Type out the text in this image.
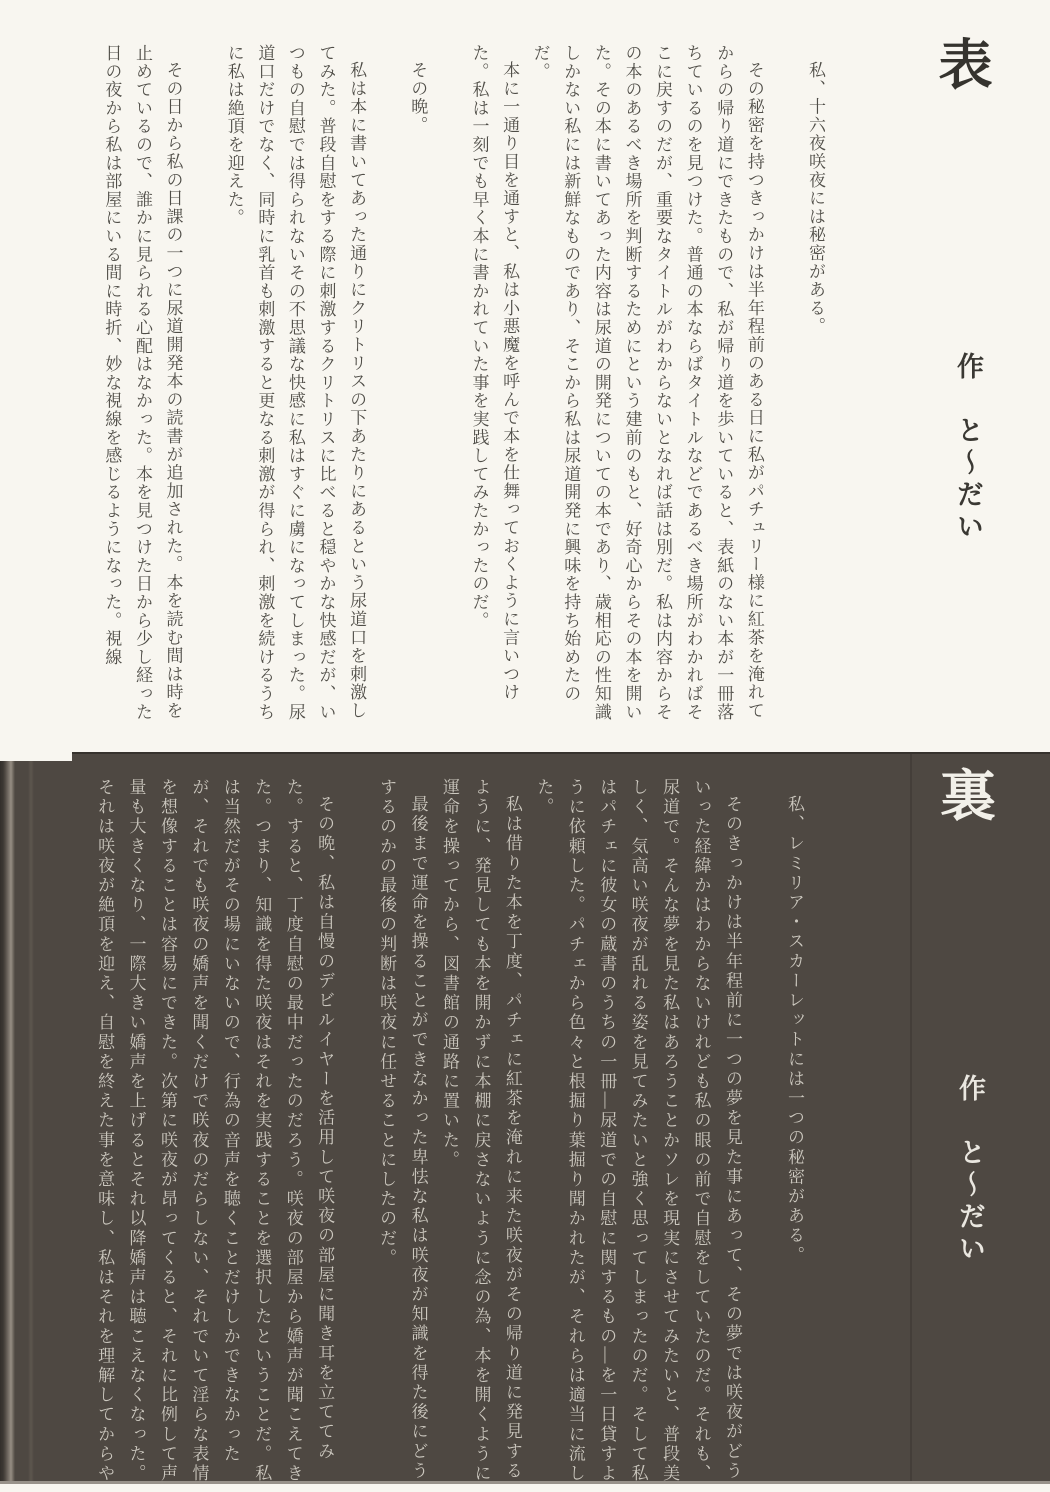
表
作　と〜だい

私、十六夜咲夜には秘密がある。

その秘密を持つきっかけは半年程前のある日に私がパチュリー様に紅茶を淹れてからの帰り道にできたもので、私が帰り道を歩いていると、表紙のない本が一冊落ちているのを見つけた。普通の本ならばタイトルなどであるべき場所がわかればそこに戻すのだが、重要なタイトルがわからないとなれば話は別だ。私は内容からその本のあるべき場所を判断するためにという建前のもと、好奇心からその本を開いた。その本に書いてあった内容は尿道の開発についての本であり、歳相応の性知識しかない私には新鮮なものであり、そこから私は尿道開発に興味を持ち始めたのだ。

本に一通り目を通すと、私は小悪魔を呼んで本を仕舞っておくように言いつけた。私は一刻でも早く本に書かれていた事を実践してみたかったのだ。

その晩。

私は本に書いてあった通りにクリトリスの下あたりにあるという尿道口を刺激してみた。普段自慰をする際に刺激するクリトリスに比べると穏やかな快感だが、いつもの自慰では得られないその不思議な快感に私はすぐに虜になってしまった。尿道口だけでなく、同時に乳首も刺激すると更なる刺激が得られ、刺激を続けるうちに私は絶頂を迎えた。

その日から私の日課の一つに尿道開発本の読書が追加された。本を読む間は時を止めているので、誰かに見られる心配はなかった。本を見つけた日から少し経った日の夜から私は部屋にいる間に時折、妙な視線を感じるようになった。視線

裏
作　と〜だい

私、レミリア・スカーレットには一つの秘密がある。

そのきっかけは半年程前に一つの夢を見た事にあって、その夢では咲夜がどういった経緯かはわからないけれども私の眼の前で自慰をしていたのだ。それも、尿道で。そんな夢を見た私はあろうことかソレを現実にさせてみたいと、普段美しく、気高い咲夜が乱れる姿を見てみたいと強く思ってしまったのだ。そして私はパチェに彼女の蔵書のうちの一冊―尿道での自慰に関するもの―を一日貸すように依頼した。パチェから色々と根掘り葉掘り聞かれたが、それらは適当に流した。

私は借りた本を丁度、パチェに紅茶を淹れに来た咲夜がその帰り道に発見するように、発見しても本を開かずに本棚に戻さないように念の為、本を開くように運命を操ってから、図書館の通路に置いた。

最後まで運命を操ることができなかった卑怯な私は咲夜が知識を得た後にどうするのかの最後の判断は咲夜に任せることにしたのだ。

その晩、私は自慢のデビルイヤーを活用して咲夜の部屋に聞き耳を立ててみた。すると、丁度自慰の最中だったのだろう。咲夜の部屋から嬌声が聞こえてきた。つまり、知識を得た咲夜はそれを実践することを選択したということだ。私は当然だがその場にいないので、行為の音声を聴くことだけしかできなかったが、それでも咲夜の嬌声を聞くだけで咲夜のだらしない、それでいて淫らな表情を想像することは容易にできた。次第に咲夜が昂ってくると、それに比例して声量も大きくなり、一際大きい嬌声を上げるとそれ以降嬌声は聴こえなくなった。それは咲夜が絶頂を迎え、自慰を終えた事を意味し、私はそれを理解してからや
